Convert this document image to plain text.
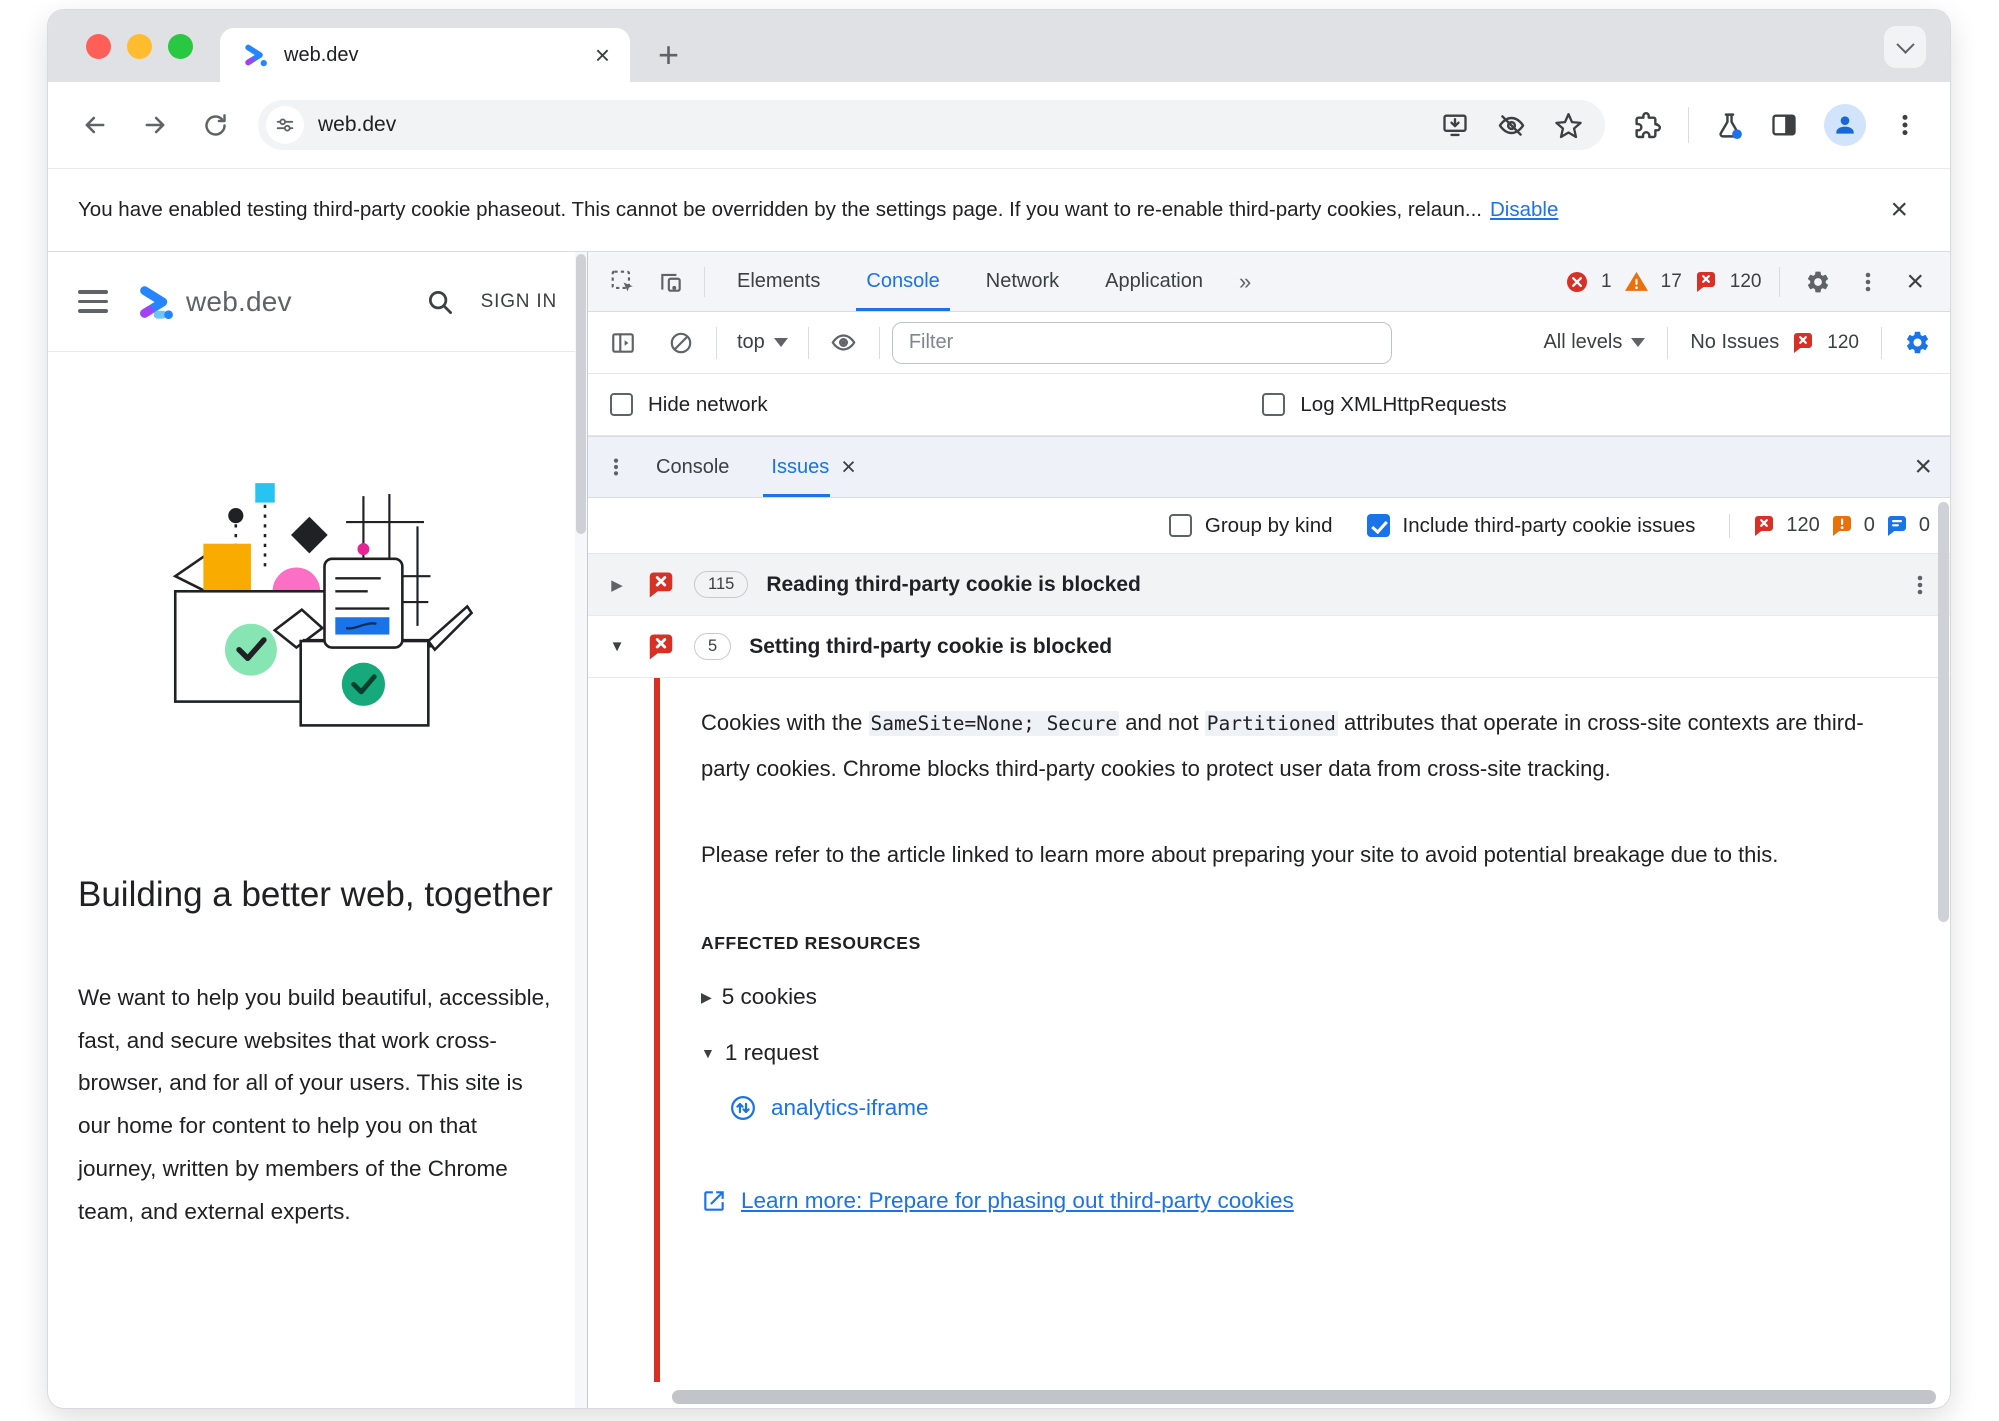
web.dev	× +
web.dev
You have enabled testing third-party cookie phaseout. This cannot be overridden by the settings page. If you want to re-enable third-party cookies, relaun... Disable	×
web.dev	SIGN IN
Building a better web, together

We want to help you build beautiful, accessible, fast, and secure websites that work cross-browser, and for all of your users. This site is our home for content to help you on that journey, written by members of the Chrome team, and external experts.

Elements	Console	Network	Application	»	1	17	120	×
top
Filter	All levels	No Issues	120
Hide network	Log XMLHttpRequests
Console	Issues ×	×
Group by kind	Include third-party cookie issues	120 0 0
▶	115	Reading third-party cookie is blocked
▼	5	Setting third-party cookie is blocked

Cookies with the SameSite=None; Secure and not Partitioned attributes that operate in cross-site contexts are third-party cookies. Chrome blocks third-party cookies to protect user data from cross-site tracking.

Please refer to the article linked to learn more about preparing your site to avoid potential breakage due to this.

AFFECTED RESOURCES
▶ 5 cookies
▼ 1 request
analytics-iframe
Learn more: Prepare for phasing out third-party cookies
